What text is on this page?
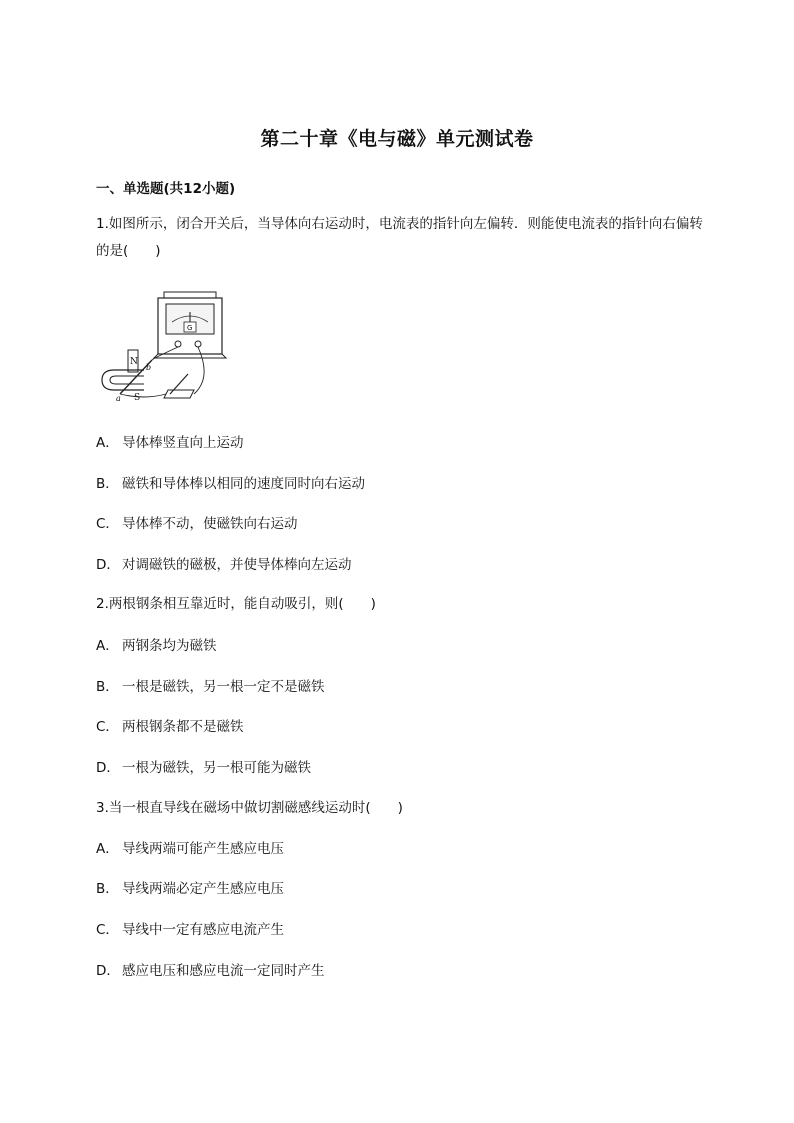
第二十章《电与磁》单元测试卷
一、单选题(共12小题)
1.如图所示，闭合开关后，当导体向右运动时，电流表的指针向左偏转．则能使电流表的指针向右偏转的是(　　)
G
N
S
a
b
A． 导体棒竖直向上运动
B． 磁铁和导体棒以相同的速度同时向右运动
C． 导体棒不动，使磁铁向右运动
D． 对调磁铁的磁极，并使导体棒向左运动
2.两根钢条相互靠近时，能自动吸引，则(　　)
A． 两钢条均为磁铁
B． 一根是磁铁，另一根一定不是磁铁
C． 两根钢条都不是磁铁
D． 一根为磁铁，另一根可能为磁铁
3.当一根直导线在磁场中做切割磁感线运动时(　　)
A． 导线两端可能产生感应电压
B． 导线两端必定产生感应电压
C． 导线中一定有感应电流产生
D． 感应电压和感应电流一定同时产生
